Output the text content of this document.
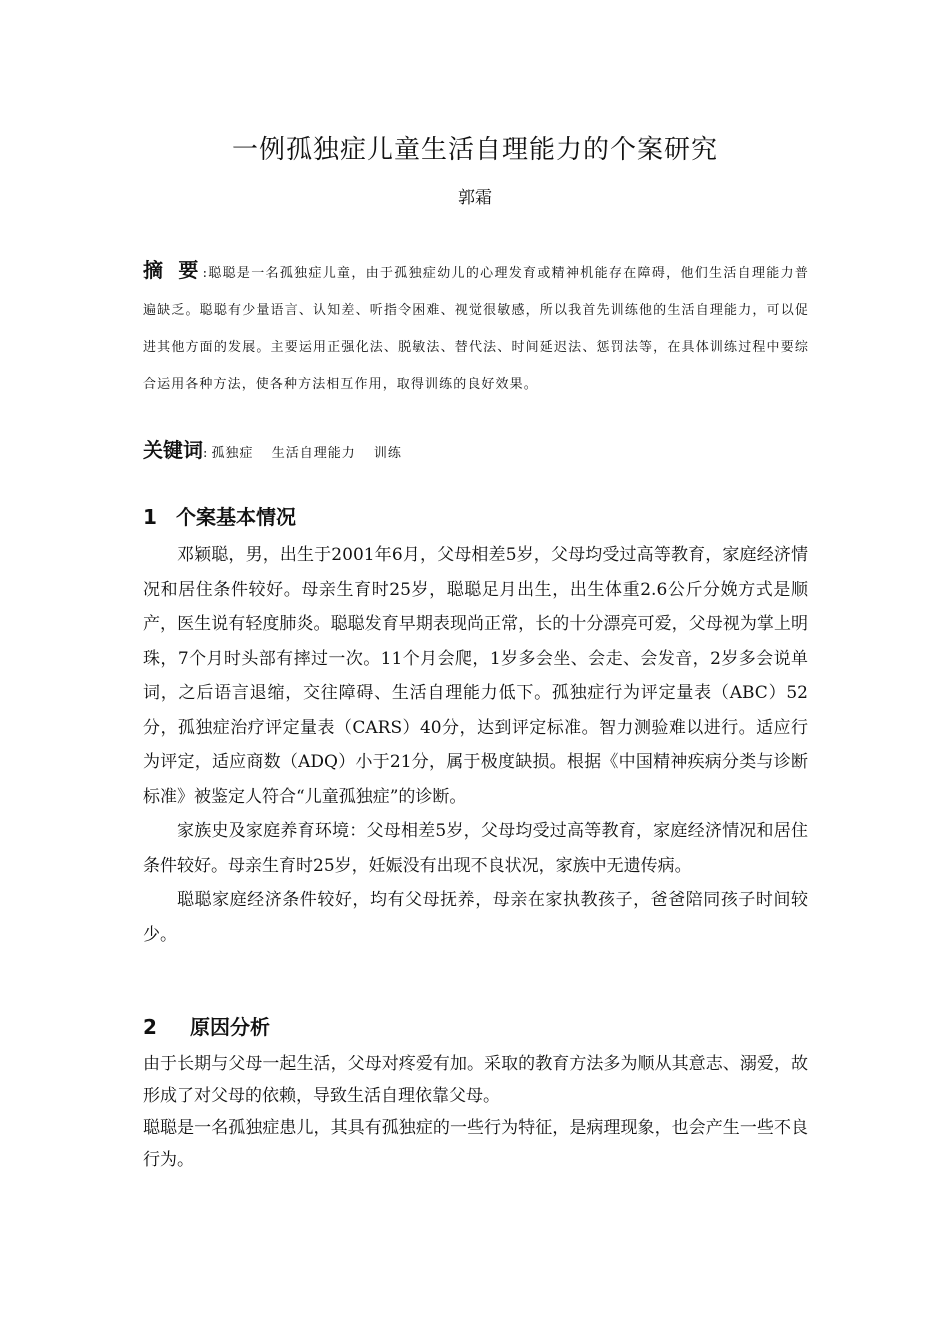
一例孤独症儿童生活自理能力的个案研究
郭霜
摘 要:聪聪是一名孤独症儿童，由于孤独症幼儿的心理发育或精神机能存在障碍，他们生活自理能力普遍缺乏。聪聪有少量语言、认知差、听指令困难、视觉很敏感，所以我首先训练他的生活自理能力，可以促进其他方面的发展。主要运用正强化法、脱敏法、替代法、时间延迟法、惩罚法等，在具体训练过程中要综合运用各种方法，使各种方法相互作用，取得训练的良好效果。
关键词: 孤独症 生活自理能力 训练
1 个案基本情况

邓颖聪，男，出生于2001年6月，父母相差5岁，父母均受过高等教育，家庭经济情况和居住条件较好。母亲生育时25岁，聪聪足月出生，出生体重2.6公斤分娩方式是顺产，医生说有轻度肺炎。聪聪发育早期表现尚正常，长的十分漂亮可爱，父母视为掌上明珠，7个月时头部有摔过一次。11个月会爬，1岁多会坐、会走、会发音，2岁多会说单词，之后语言退缩，交往障碍、生活自理能力低下。孤独症行为评定量表（ABC）52分，孤独症治疗评定量表（CARS）40分，达到评定标准。智力测验难以进行。适应行为评定，适应商数（ADQ）小于21分，属于极度缺损。根据《中国精神疾病分类与诊断标准》被鉴定人符合“儿童孤独症”的诊断。

家族史及家庭养育环境：父母相差5岁，父母均受过高等教育，家庭经济情况和居住条件较好。母亲生育时25岁，妊娠没有出现不良状况，家族中无遗传病。

聪聪家庭经济条件较好，均有父母抚养，母亲在家执教孩子，爸爸陪同孩子时间较少。

2 原因分析

由于长期与父母一起生活，父母对疼爱有加。采取的教育方法多为顺从其意志、溺爱，故形成了对父母的依赖，导致生活自理依靠父母。

聪聪是一名孤独症患儿，其具有孤独症的一些行为特征，是病理现象，也会产生一些不良行为。
